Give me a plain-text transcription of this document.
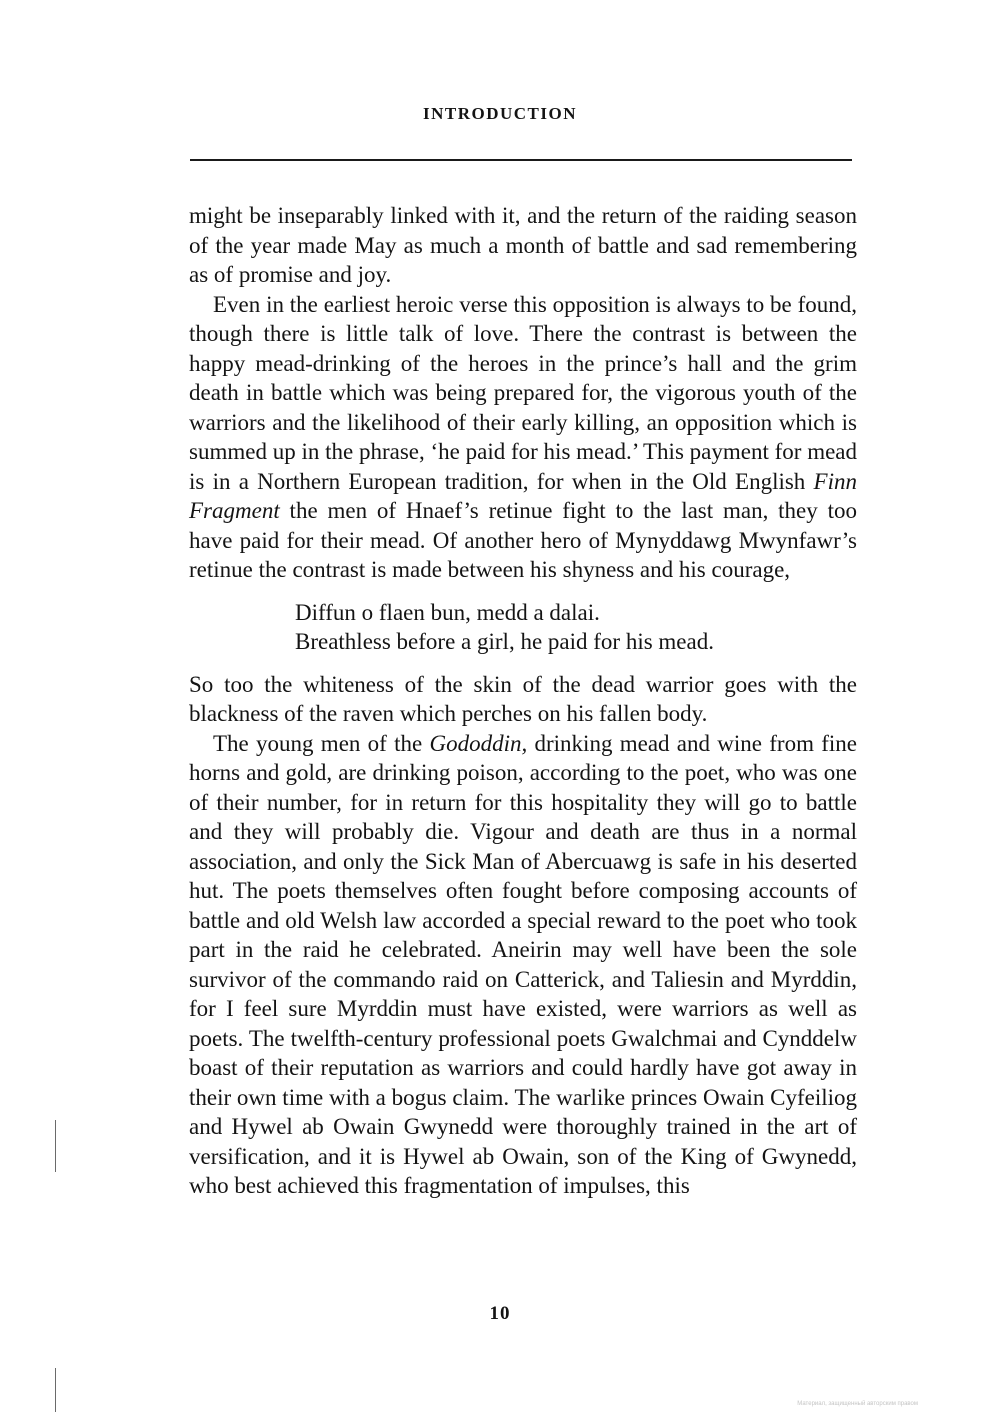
INTRODUCTION

might be inseparably linked with it, and the return of the raiding season of the year made May as much a month of battle and sad remembering as of promise and joy.

Even in the earliest heroic verse this opposition is always to be found, though there is little talk of love. There the contrast is between the happy mead-drinking of the heroes in the prince’s hall and the grim death in battle which was being prepared for, the vigorous youth of the warriors and the likelihood of their early killing, an opposition which is summed up in the phrase, ‘he paid for his mead.’ This payment for mead is in a Northern European tradition, for when in the Old English Finn Fragment the men of Hnaef’s retinue fight to the last man, they too have paid for their mead. Of another hero of Mynyddawg Mwynfawr’s retinue the contrast is made between his shyness and his courage,

Diffun o flaen bun, medd a dalai.
Breathless before a girl, he paid for his mead.

So too the whiteness of the skin of the dead warrior goes with the blackness of the raven which perches on his fallen body.

The young men of the Gododdin, drinking mead and wine from fine horns and gold, are drinking poison, according to the poet, who was one of their number, for in return for this hospitality they will go to battle and they will probably die. Vigour and death are thus in a normal association, and only the Sick Man of Abercuawg is safe in his deserted hut. The poets themselves often fought before composing accounts of battle and old Welsh law accorded a special reward to the poet who took part in the raid he celebrated. Aneirin may well have been the sole survivor of the commando raid on Catterick, and Taliesin and Myrddin, for I feel sure Myrddin must have existed, were warriors as well as poets. The twelfth-century professional poets Gwalchmai and Cynddelw boast of their reputation as warriors and could hardly have got away in their own time with a bogus claim. The warlike princes Owain Cyfeiliog and Hywel ab Owain Gwynedd were thoroughly trained in the art of versification, and it is Hywel ab Owain, son of the King of Gwynedd, who best achieved this fragmentation of impulses, this

10
Материал, защищенный авторским правом
